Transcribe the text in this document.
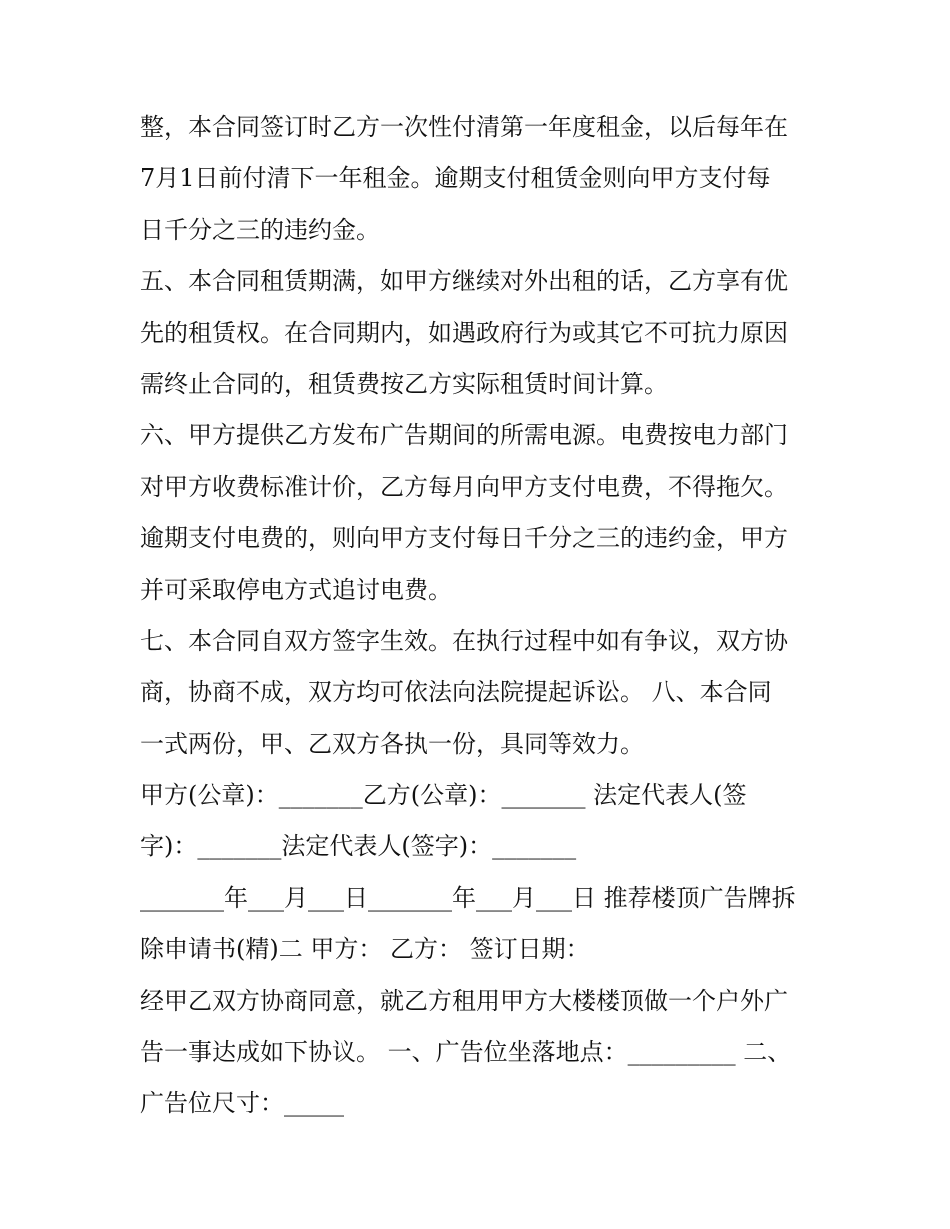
整，本合同签订时乙方一次性付清第一年度租金，以后每年在
7月1日前付清下一年租金。逾期支付租赁金则向甲方支付每
日千分之三的违约金。
五、本合同租赁期满，如甲方继续对外出租的话，乙方享有优
先的租赁权。在合同期内，如遇政府行为或其它不可抗力原因
需终止合同的，租赁费按乙方实际租赁时间计算。
六、甲方提供乙方发布广告期间的所需电源。电费按电力部门
对甲方收费标准计价，乙方每月向甲方支付电费，不得拖欠。
逾期支付电费的，则向甲方支付每日千分之三的违约金，甲方
并可采取停电方式追讨电费。
七、本合同自双方签字生效。在执行过程中如有争议，双方协
商，协商不成，双方均可依法向法院提起诉讼。 八、本合同
一式两份，甲、乙双方各执一份，具同等效力。
甲方(公章)：_______乙方(公章)：_______ 法定代表人(签
字)：_______法定代表人(签字)：_______
_______年___月___日_______年___月___日 推荐楼顶广告牌拆
除申请书(精)二 甲方： 乙方： 签订日期：
经甲乙双方协商同意，就乙方租用甲方大楼楼顶做一个户外广
告一事达成如下协议。 一、广告位坐落地点：_________ 二、
广告位尺寸：_____
